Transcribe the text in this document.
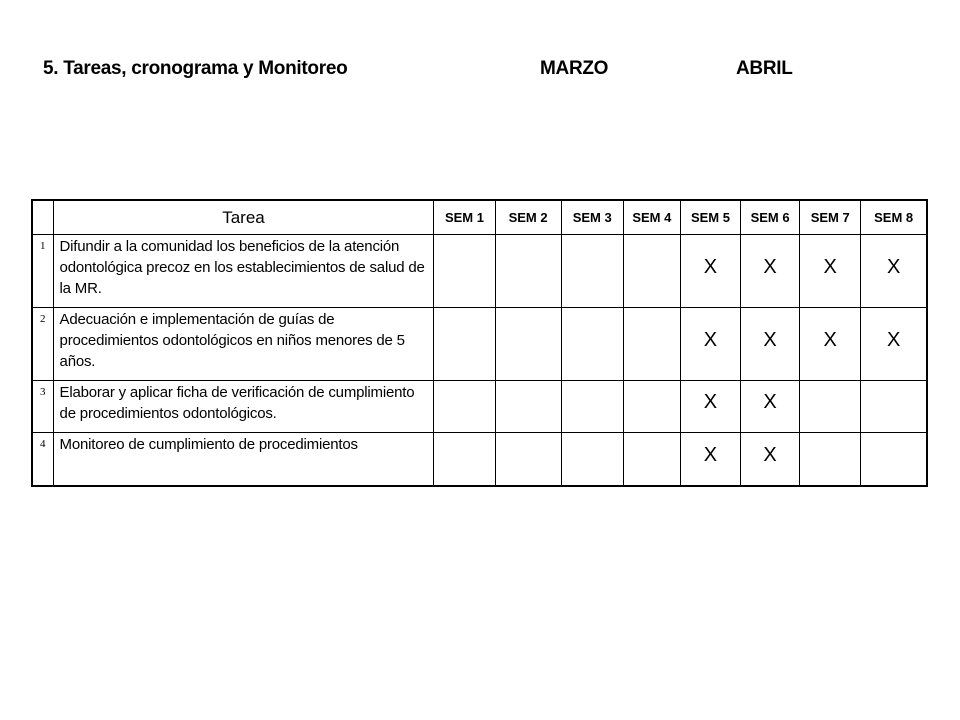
5. Tareas, cronograma y Monitoreo	MARZO	ABRIL
	Tarea	SEM 1	SEM 2	SEM 3	SEM 4	SEM 5	SEM 6	SEM 7	SEM 8
1	Difundir a la comunidad los beneficios de la atención odontológica precoz en los establecimientos de salud de la MR.					X	X	X	X
2	Adecuación e implementación de guías de procedimientos odontológicos en niños menores de 5 años.					X	X	X	X
3	Elaborar y aplicar ficha de verificación de cumplimiento de procedimientos odontológicos.					X	X		
4	Monitoreo de cumplimiento de procedimientos					X	X		
